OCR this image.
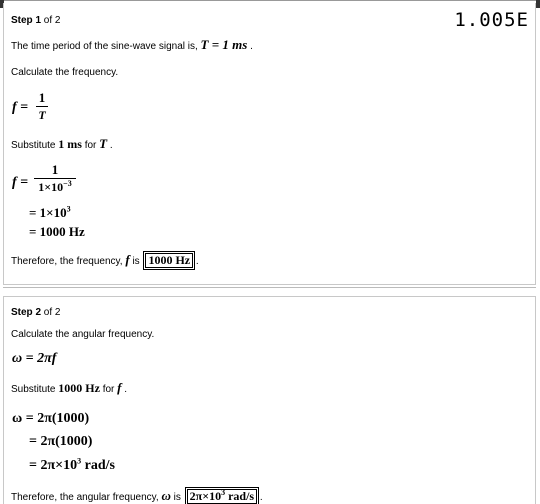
Step 1 of 2	1.005E
The time period of the sine-wave signal is, T = 1 ms .
Calculate the frequency.
f =
1
T
Substitute 1 ms for T .
f =
1
$1\times 10^{-3}$
= $1\times 10^3$
= 1000 Hz
Therefore, the frequency, f is 1000 Hz .
Step 2 of 2
Calculate the angular frequency.
ω = 2πf
Substitute 1000 Hz for f .
ω = 2π(1000)
= 2π(1000)
= $2\pi\times 10^3$ rad/s
Therefore, the angular frequency, ω is $2\pi\times 10^3$ rad/s .
